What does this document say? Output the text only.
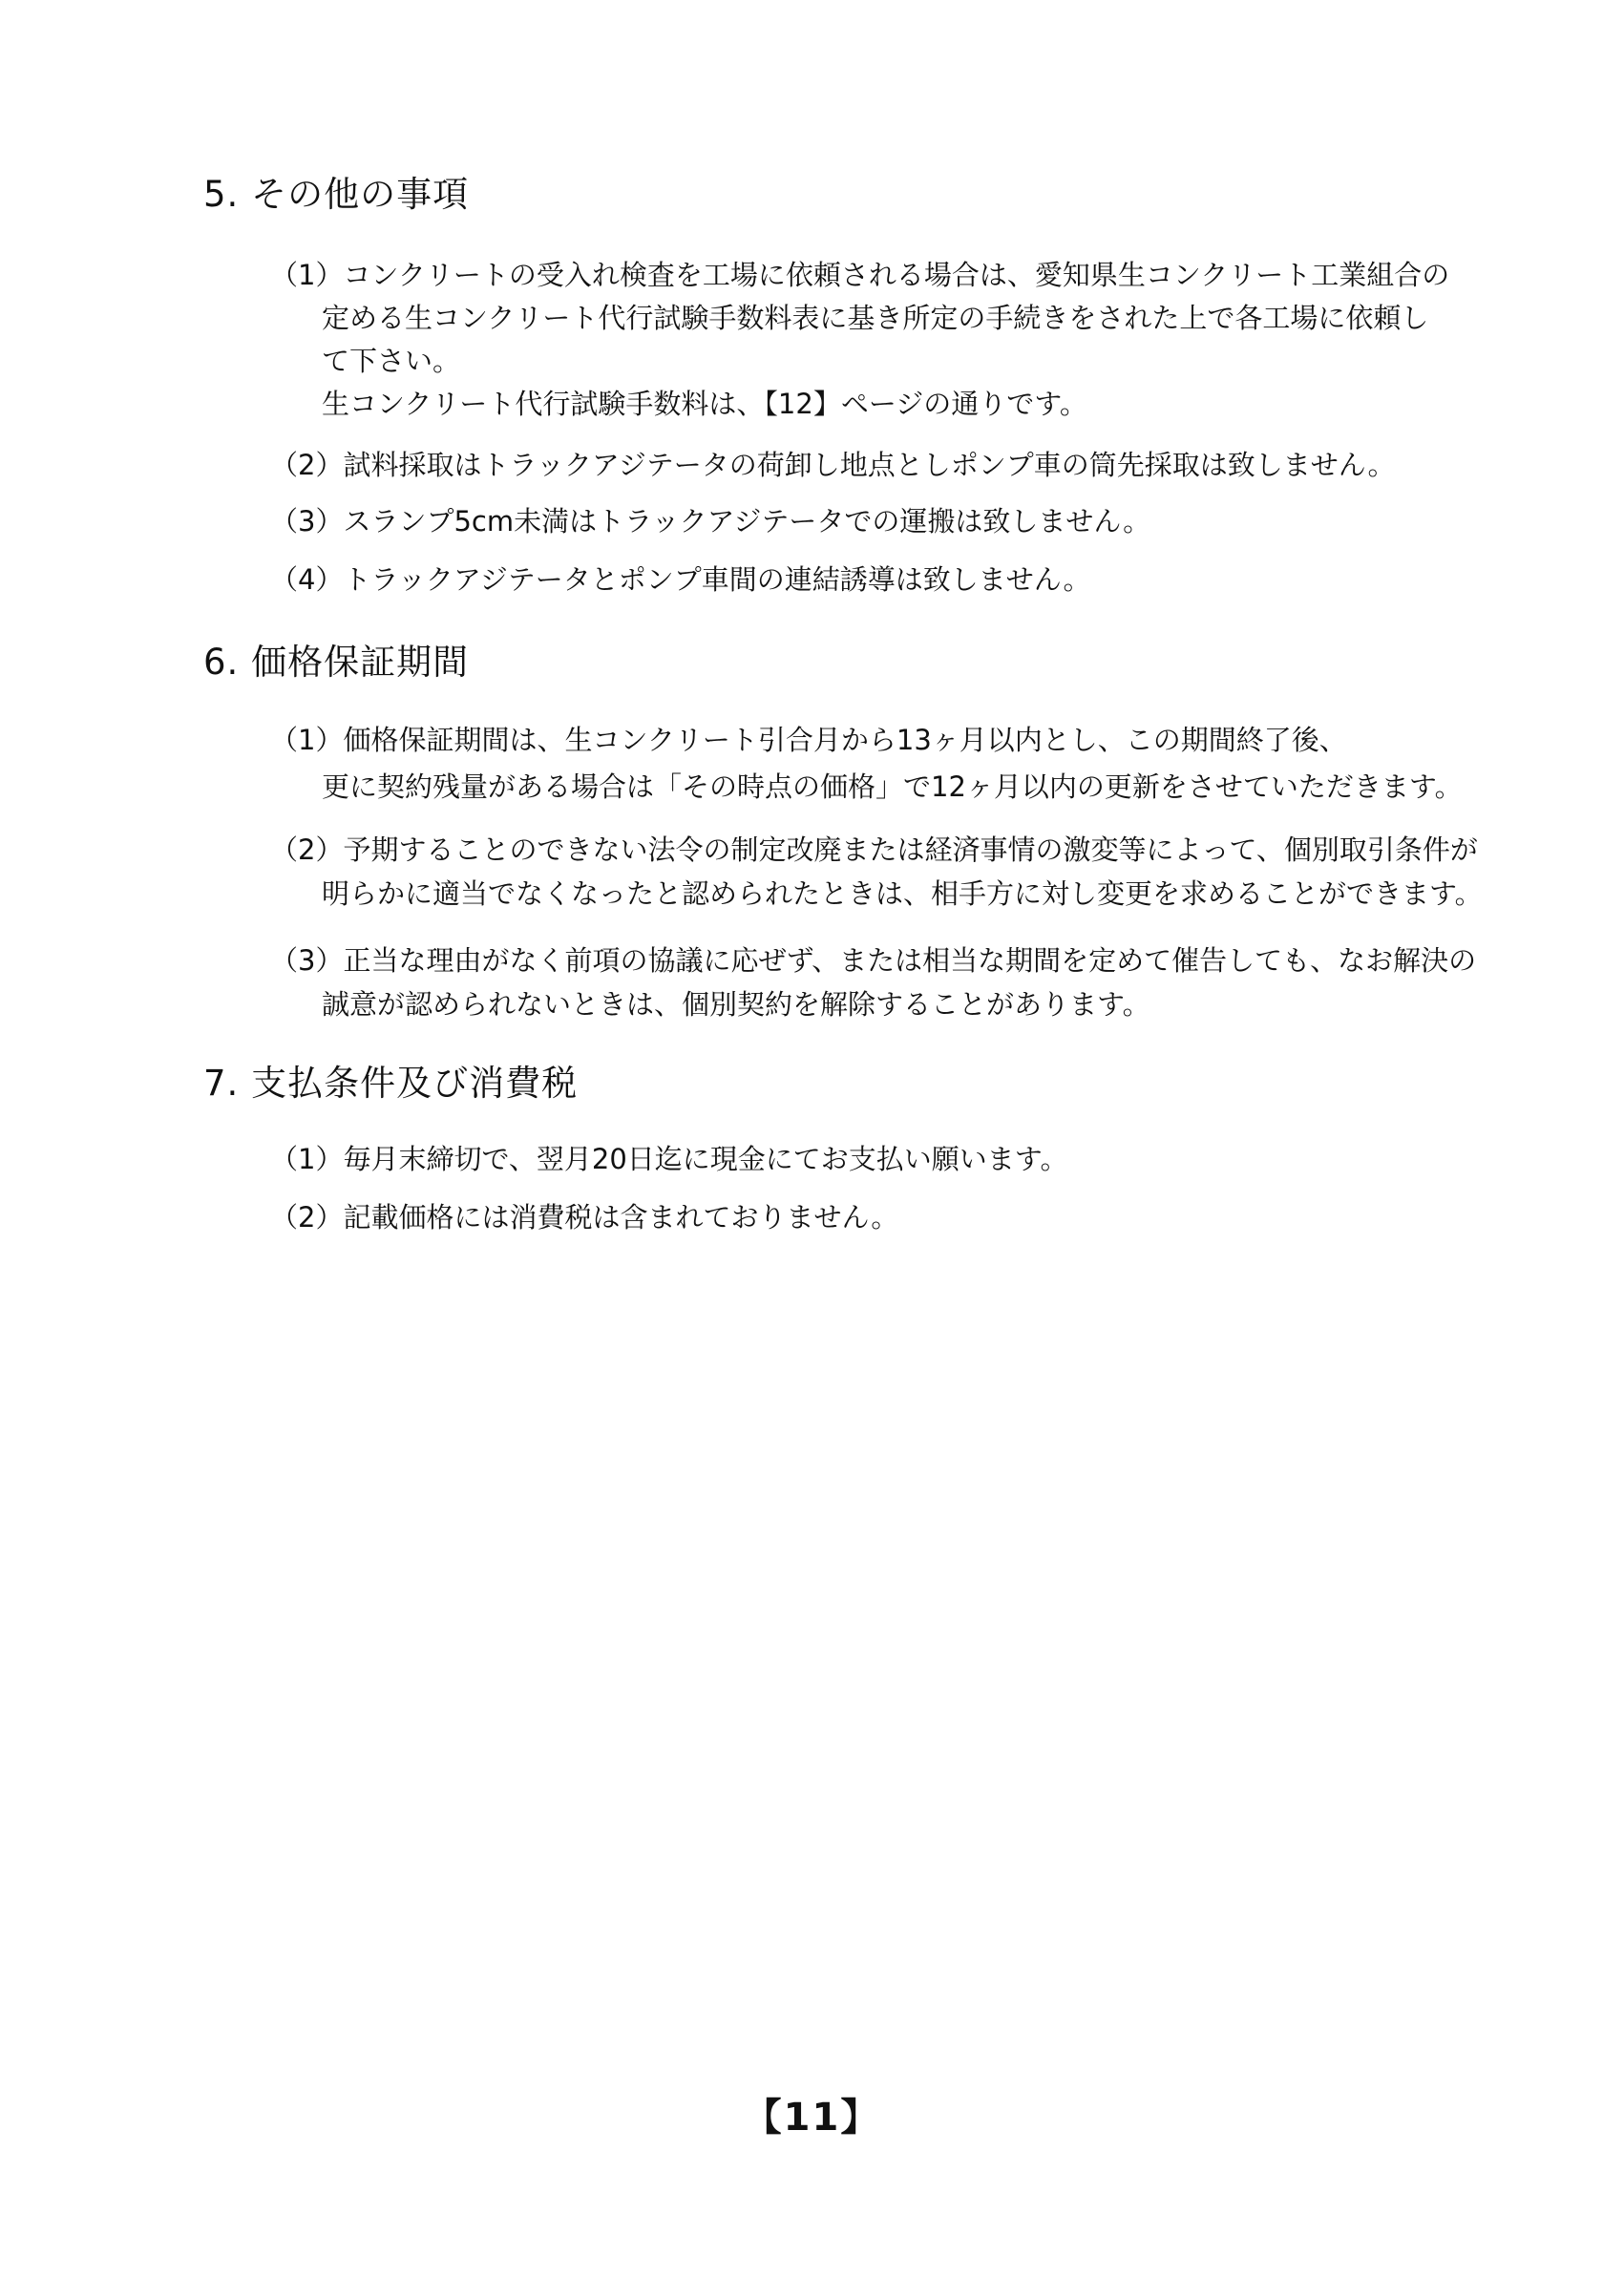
5. その他の事項
（1）コンクリートの受入れ検査を工場に依頼される場合は、愛知県生コンクリート工業組合の
定める生コンクリート代行試験手数料表に基き所定の手続きをされた上で各工場に依頼し
て下さい。
生コンクリート代行試験手数料は、【12】ページの通りです。
（2）試料採取はトラックアジテータの荷卸し地点としポンプ車の筒先採取は致しません。
（3）スランプ5cm未満はトラックアジテータでの運搬は致しません。
（4）トラックアジテータとポンプ車間の連結誘導は致しません。
6. 価格保証期間
（1）価格保証期間は、生コンクリート引合月から13ヶ月以内とし、この期間終了後、
更に契約残量がある場合は「その時点の価格」で12ヶ月以内の更新をさせていただきます。
（2）予期することのできない法令の制定改廃または経済事情の激変等によって、個別取引条件が
明らかに適当でなくなったと認められたときは、相手方に対し変更を求めることができます。
（3）正当な理由がなく前項の協議に応ぜず、または相当な期間を定めて催告しても、なお解決の
誠意が認められないときは、個別契約を解除することがあります。
7. 支払条件及び消費税
（1）毎月末締切で、翌月20日迄に現金にてお支払い願います。
（2）記載価格には消費税は含まれておりません。
【11】
